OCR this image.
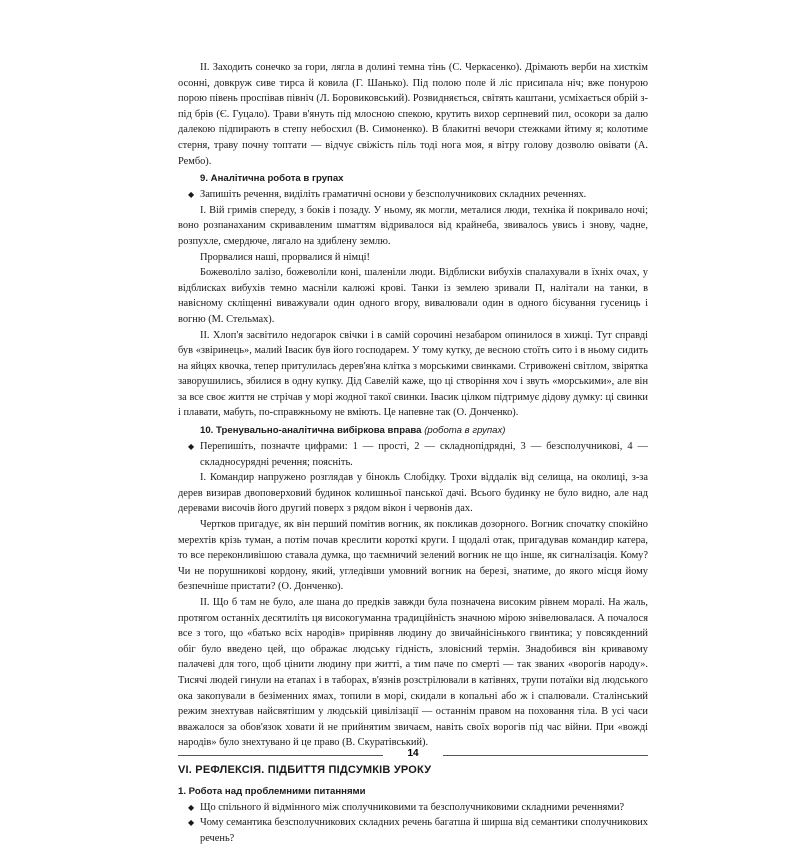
ІІ. Заходить сонечко за гори, лягла в долині темна тінь (С. Черкасенко). Дрімають верби на хисткім осонні, довкруж сиве тирса й ковила (Г. Шанько). Під полою поле й ліс присипала ніч; вже понурою порою півень проспівав північ (Л. Боровиковський). Розвидняється, світять каштани, усміхається обрій з-під брів (Є. Гуцало). Трави в'януть під млосною спекою, крутить вихор серпневий пил, осокори за далю далекою підпирають в степу небосхил (В. Симоненко). В блакитні вечори стежками йтиму я; колотиме стерня, траву почну топтати — відчує свіжість піль тоді нога моя, я вітру голову дозволю овівати (А. Рембо).

9. Аналітична робота в групах

◆ Запишіть речення, виділіть граматичні основи у безсполучникових складних реченнях.

І. Вій гримів спереду, з боків і позаду. У ньому, як могли, металися люди, техніка й покривало ночі; воно розпанаханим скривавленим шматтям відривалося від крайнеба, звивалось увись і знову, чадне, розпухле, смердюче, лягало на здиблену землю.

Прорвалися наші, прорвалися й німці!

Божеволіло залізо, божеволіли коні, шаленіли люди. Відблиски вибухів спалахували в їхніх очах, у відблисках вибухів темно масніли калюжі крові. Танки із землею зривали П, налітали на танки, в навісному скліщенні виважували один одного вгору, вивалювали один в одного бісування гусениць і вогню (М. Стельмах).

ІІ. Хлоп'я засвітило недогарок свічки і в самій сорочині незабаром опинилося в хижці. Тут справді був «звіринець», малий Івасик був його господарем. У тому кутку, де весною стоїть сито і в ньому сидить на яйцях квочка, тепер притулилась дерев'яна клітка з морськими свинками. Стривожені світлом, звірятка заворушились, збилися в одну купку. Дід Савелій каже, що ці створіння хоч і звуть «морськими», але він за все своє життя не стрічав у морі жодної такої свинки. Івасик цілком підтримує дідову думку: ці свинки і плавати, мабуть, по-справжньому не вміють. Це напевне так (О. Донченко).

10. Тренувально-аналітична вибіркова вправа (робота в групах)

◆ Перепишіть, позначте цифрами: 1 — прості, 2 — складнопідрядні, 3 — безсполучникові, 4 — складносурядні речення; поясніть.

І. Командир напружено розглядав у бінокль Слобідку. Трохи віддалік від селища, на околиці, з-за дерев визирав двоповерховий будинок колишньої панської дачі. Всього будинку не було видно, але над деревами височів його другий поверх з рядом вікон і червонів дах.

Чертков пригадує, як він перший помітив вогник, як покликав дозорного. Вогник спочатку спокійно мерехтів крізь туман, а потім почав креслити короткі круги. І щодалі отак, пригадував командир катера, то все переконливішою ставала думка, що таємничий зелений вогник не що інше, як сигналізація. Кому? Чи не порушникові кордону, який, угледівши умовний вогник на березі, знатиме, до якого місця йому безпечніше пристати? (О. Донченко).

ІІ. Що б там не було, але шана до предків завжди була позначена високим рівнем моралі. На жаль, протягом останніх десятиліть ця високогуманна традиційність значною мірою знівелювалася. А почалося все з того, що «батько всіх народів» прирівняв людину до звичайнісінького гвинтика; у повсякденний обіг було введено цей, що ображає людську гідність, зловісний термін. Знадобився він кривавому палачеві для того, щоб цінити людину при житті, а тим паче по смерті — так званих «ворогів народу». Тисячі людей гинули на етапах і в таборах, в'язнів розстрілювали в катівнях, трупи потаїки від людського ока закопували в безіменних ямах, топили в морі, скидали в копальні або ж і спалювали. Сталінський режим знехтував найсвятішим у людській цивілізації — останнім правом на поховання тіла. В усі часи вважалося за обов'язок ховати й не прийнятим звичаєм, навіть своїх ворогів під час війни. При «вожді народів» було знехтувано й це право (В. Скуратівський).

VI. РЕФЛЕКСІЯ. ПІДБИТТЯ ПІДСУМКІВ УРОКУ
1. Робота над проблемними питаннями

◆ Що спільного й відмінного між сполучниковими та безсполучниковими складними реченнями?

◆ Чому семантика безсполучникових складних речень багатша й ширша від семантики сполучникових речень?

14
